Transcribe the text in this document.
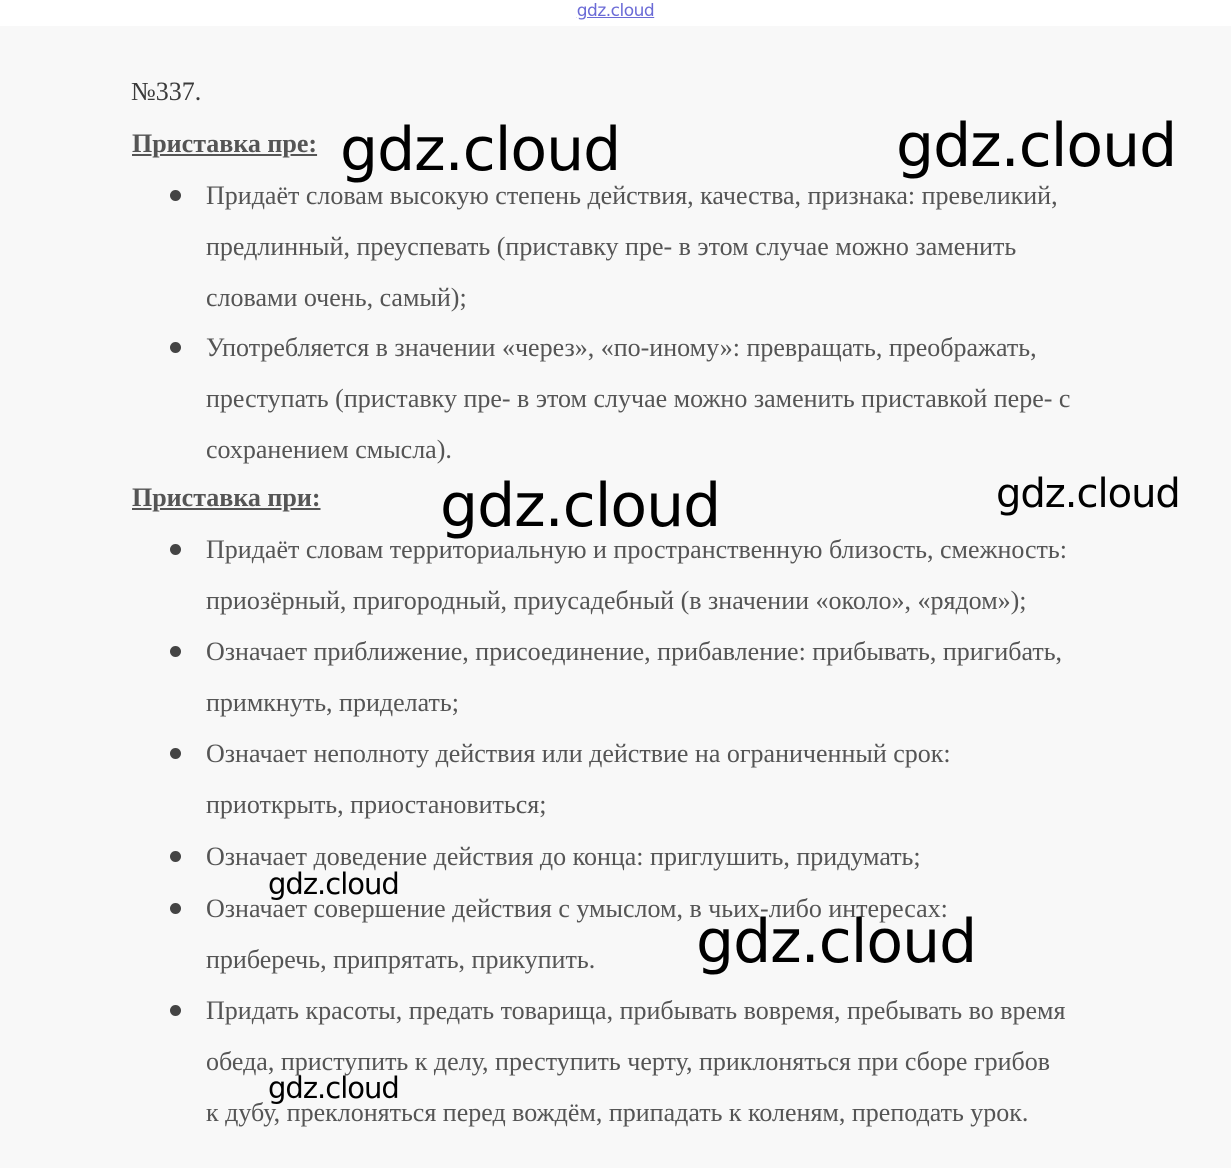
gdz.cloud
№337.
Приставка пре:
Придаёт словам высокую степень действия, качества, признака: превеликий,
предлинный, преуспевать (приставку пре- в этом случае можно заменить
словами очень, самый);
Употребляется в значении «через», «по-иному»: превращать, преображать,
преступать (приставку пре- в этом случае можно заменить приставкой пере- с
сохранением смысла).
Приставка при:
Придаёт словам территориальную и пространственную близость, смежность:
приозёрный, пригородный, приусадебный (в значении «около», «рядом»);
Означает приближение, присоединение, прибавление: прибывать, пригибать,
примкнуть, приделать;
Означает неполноту действия или действие на ограниченный срок:
приоткрыть, приостановиться;
Означает доведение действия до конца: приглушить, придумать;
Означает совершение действия с умыслом, в чьих-либо интересах:
приберечь, припрятать, прикупить.
Придать красоты, предать товарища, прибывать вовремя, пребывать во время
обеда, приступить к делу, преступить черту, приклоняться при сборе грибов
к дубу, преклоняться перед вождём, припадать к коленям, преподать урок.
gdz.cloud	gdz.cloud
gdz.cloud	gdz.cloud
gdz.cloud
gdz.cloud
gdz.cloud
